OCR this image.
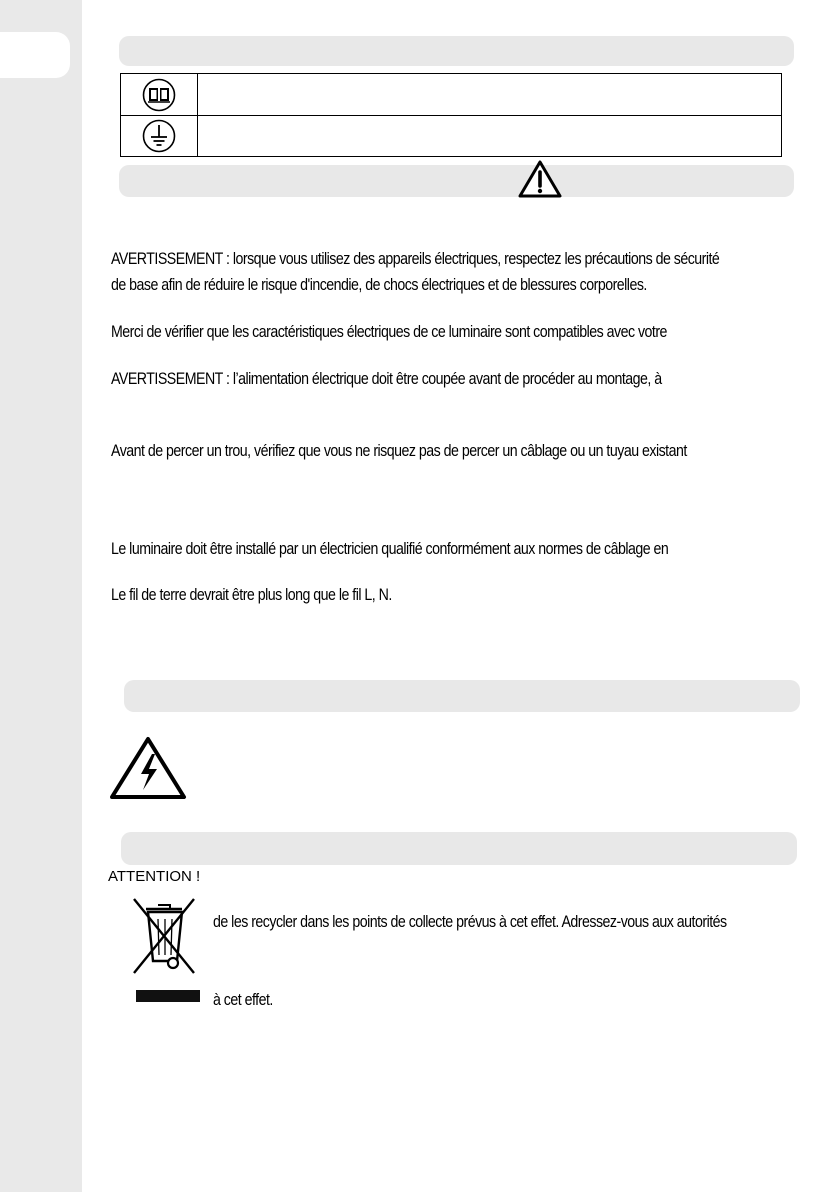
AVERTISSEMENT : lorsque vous utilisez des appareils électriques, respectez les précautions de sécurité
de base afin de réduire le risque d'incendie, de chocs électriques et de blessures corporelles.
Merci de vérifier que les caractéristiques électriques de ce luminaire sont compatibles avec votre
AVERTISSEMENT : l’alimentation électrique doit être coupée avant de procéder au montage, à
Avant de percer un trou, vérifiez que vous ne risquez pas de percer un câblage ou un tuyau existant
Le luminaire doit être installé par un électricien qualifié conformément aux normes de câblage en
Le fil de terre devrait être plus long que le fil L, N.
ATTENTION !
de les recycler dans les points de collecte prévus à cet effet. Adressez-vous aux autorités
à cet effet.
